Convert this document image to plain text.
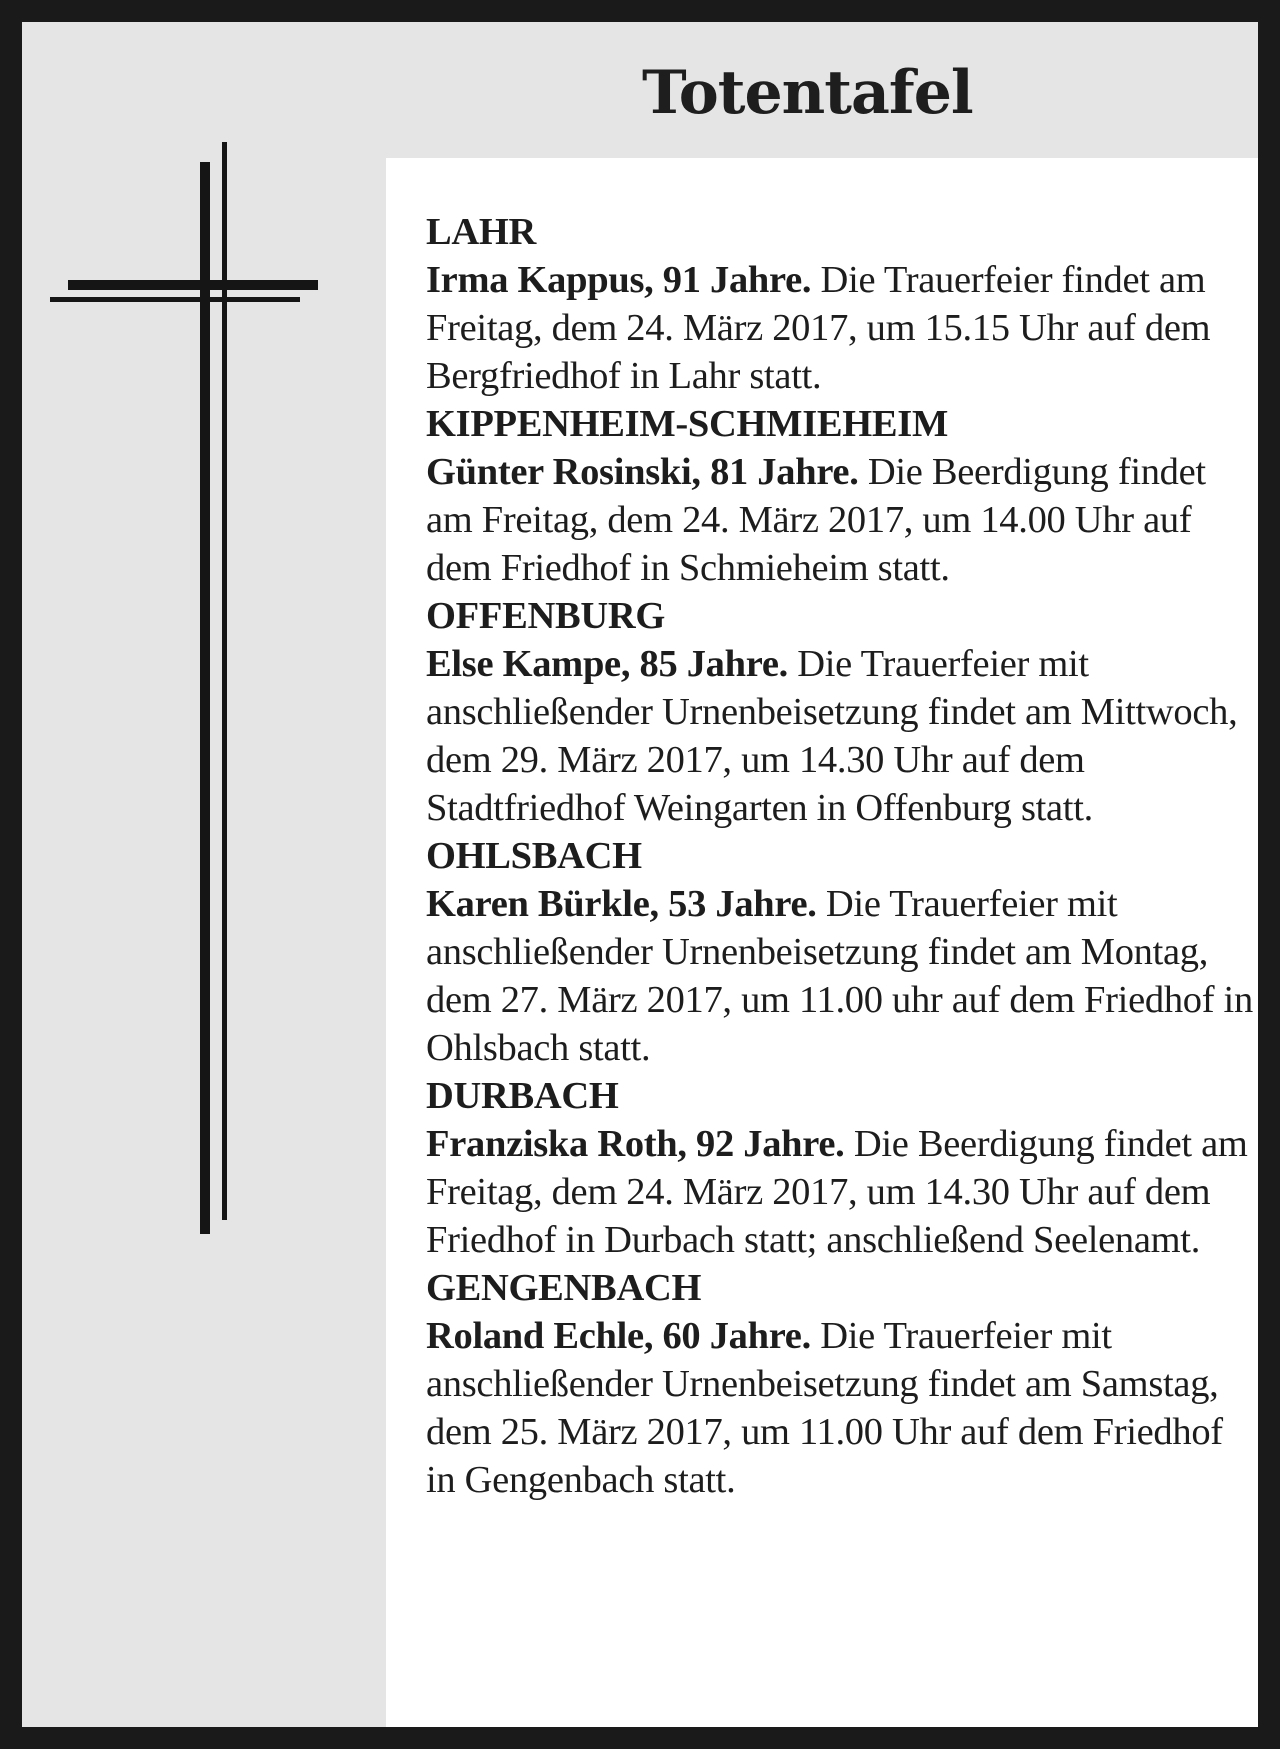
Totentafel
LAHR
Irma Kappus, 91 Jahre. Die Trauerfeier findet am Freitag, dem 24. März 2017, um 15.15 Uhr auf dem Bergfriedhof in Lahr statt.
KIPPENHEIM-SCHMIEHEIM
Günter Rosinski, 81 Jahre. Die Beerdigung findet am Freitag, dem 24. März 2017, um 14.00 Uhr auf dem Friedhof in Schmieheim statt.
OFFENBURG
Else Kampe, 85 Jahre. Die Trauerfeier mit anschließender Urnenbeisetzung findet am Mittwoch, dem 29. März 2017, um 14.30 Uhr auf dem Stadtfriedhof Weingarten in Offenburg statt.
OHLSBACH
Karen Bürkle, 53 Jahre. Die Trauerfeier mit anschließender Urnenbeisetzung findet am Montag, dem 27. März 2017, um 11.00 uhr auf dem Friedhof in Ohlsbach statt.
DURBACH
Franziska Roth, 92 Jahre. Die Beerdigung findet am Freitag, dem 24. März 2017, um 14.30 Uhr auf dem Friedhof in Durbach statt; anschließend Seelenamt.
GENGENBACH
Roland Echle, 60 Jahre. Die Trauerfeier mit anschließender Urnenbeisetzung findet am Samstag, dem 25. März 2017, um 11.00 Uhr auf dem Friedhof in Gengenbach statt.
